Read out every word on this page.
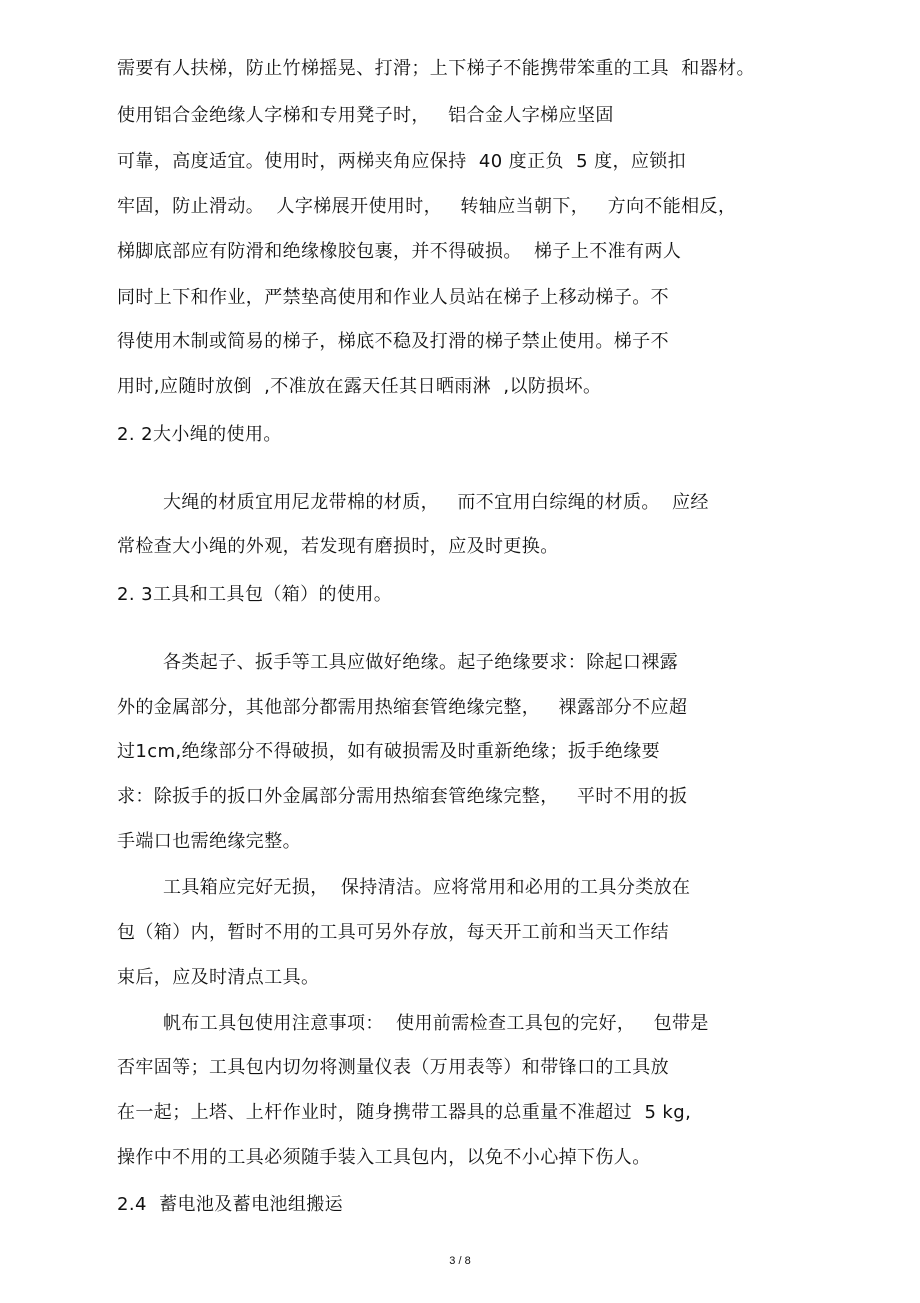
需要有人扶梯，防止竹梯摇晃、打滑；上下梯子不能携带笨重的工具  和器材。
使用铝合金绝缘人字梯和专用凳子时，   铝合金人字梯应坚固
可靠，高度适宜。使用时，两梯夹角应保持  40 度正负  5 度，应锁扣
牢固，防止滑动。  人字梯展开使用时，   转轴应当朝下，   方向不能相反，
梯脚底部应有防滑和绝缘橡胶包裹，并不得破损。  梯子上不准有两人
同时上下和作业，严禁垫高使用和作业人员站在梯子上移动梯子。不
得使用木制或简易的梯子，梯底不稳及打滑的梯子禁止使用。梯子不
用时,应随时放倒  ,不准放在露天任其日晒雨淋  ,以防损坏。
2. 2大小绳的使用。
大绳的材质宜用尼龙带棉的材质，   而不宜用白综绳的材质。  应经
常检查大小绳的外观，若发现有磨损时，应及时更换。
2. 3工具和工具包（箱）的使用。
各类起子、扳手等工具应做好绝缘。起子绝缘要求：除起口裸露
外的金属部分，其他部分都需用热缩套管绝缘完整，   裸露部分不应超
过1cm,绝缘部分不得破损，如有破损需及时重新绝缘；扳手绝缘要
求：除扳手的扳口外金属部分需用热缩套管绝缘完整，   平时不用的扳
手端口也需绝缘完整。
工具箱应完好无损，  保持清洁。应将常用和必用的工具分类放在
包（箱）内，暂时不用的工具可另外存放，每天开工前和当天工作结
束后，应及时清点工具。
帆布工具包使用注意事项：  使用前需检查工具包的完好，   包带是
否牢固等；工具包内切勿将测量仪表（万用表等）和带锋口的工具放
在一起；上塔、上杆作业时，随身携带工器具的总重量不准超过  5 kg,
操作中不用的工具必须随手装入工具包内，以免不小心掉下伤人。
2.4  蓄电池及蓄电池组搬运
3 / 8
